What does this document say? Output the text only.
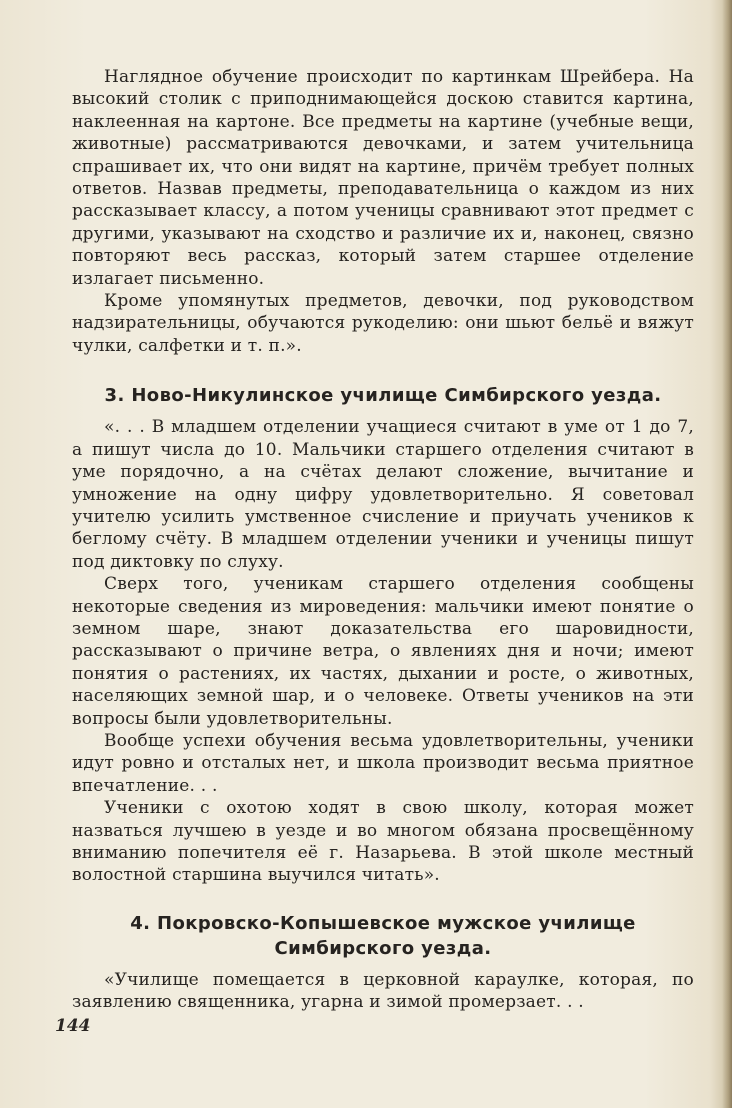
Наглядное обучение происходит по картинкам Шрейбера. На высокий столик с приподнимающейся доскою ставится картина, наклеенная на картоне. Все предметы на картине (учебные вещи, животные) рассматриваются девочками, и затем учительница спрашивает их, что они видят на картине, причём требует полных ответов. Назвав предметы, преподавательница о каждом из них рассказывает классу, а потом ученицы сравнивают этот предмет с другими, указывают на сходство и различие их и, наконец, связно повторяют весь рассказ, который затем старшее отделение излагает письменно.

Кроме упомянутых предметов, девочки, под руководством надзирательницы, обучаются рукоделию: они шьют бельё и вяжут чулки, салфетки и т. п.».

3. Ново-Никулинское училище Симбирского уезда.

«. . . В младшем отделении учащиеся считают в уме от 1 до 7, а пишут числа до 10. Мальчики старшего отделения считают в уме порядочно, а на счётах делают сложение, вычитание и умножение на одну цифру удовлетворительно. Я советовал учителю усилить умственное счисление и приучать учеников к беглому счёту. В младшем отделении ученики и ученицы пишут под диктовку по слуху.

Сверх того, ученикам старшего отделения сообщены некоторые сведения из мироведения: мальчики имеют понятие о земном шаре, знают доказательства его шаровидности, рассказывают о причине ветра, о явлениях дня и ночи; имеют понятия о растениях, их частях, дыхании и росте, о животных, населяющих земной шар, и о человеке. Ответы учеников на эти вопросы были удовлетворительны.

Вообще успехи обучения весьма удовлетворительны, ученики идут ровно и отсталых нет, и школа производит весьма приятное впечатление. . .

Ученики с охотою ходят в свою школу, которая может назваться лучшею в уезде и во многом обязана просвещённому вниманию попечителя её г. Назарьева. В этой школе местный волостной старшина выучился читать».

4. Покровско-Копышевское мужское училище Симбирского уезда.

«Училище помещается в церковной караулке, которая, по заявлению священника, угарна и зимой промерзает. . .

144
